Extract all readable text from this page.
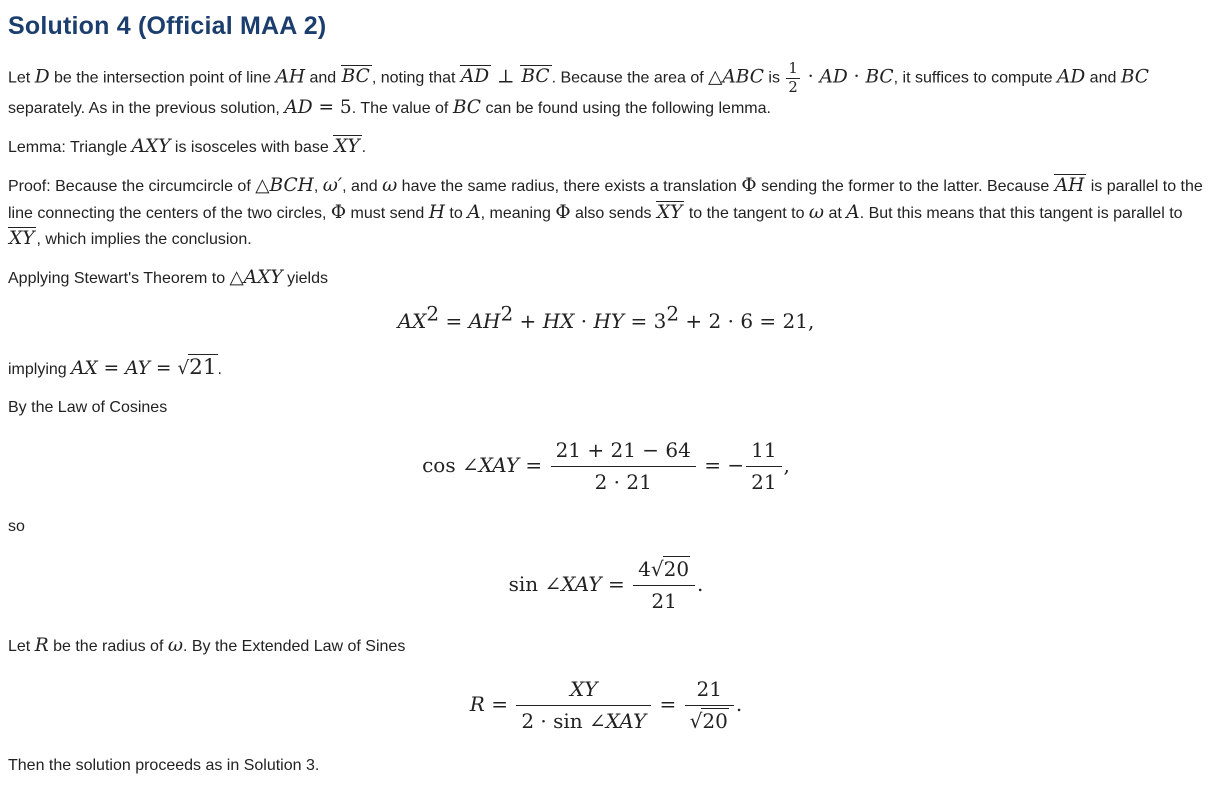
Solution 4 (Official MAA 2)

Let D be the intersection point of line AH and BC , noting that AD ⊥ BC . Because the area of △ABC is $\frac{1}{2}$ · AD · BC, it suffices to compute AD and BC separately. As in the previous solution, AD = 5. The value of BC can be found using the following lemma.

Lemma: Triangle AXY is isosceles with base XY .

Proof: Because the circumcircle of △BCH, ω′, and ω have the same radius, there exists a translation Φ sending the former to the latter. Because AH is parallel to the line connecting the centers of the two circles, Φ must send H to A, meaning Φ also sends XY to the tangent to ω at A. But this means that this tangent is parallel to XY , which implies the conclusion.

Applying Stewart's Theorem to △AXY yields

AX2 = AH2 + HX · HY = 32 + 2 · 6 = 21,

implying AX = AY = √21.

By the Law of Cosines

cos ∠XAY = $\frac{21 + 21 - 64}{2 \cdot 21}$ = − $\frac{11}{21}$ ,

so

sin ∠XAY = $\frac{4√20}{21}$ .

Let R be the radius of ω. By the Extended Law of Sines

$R = \frac{XY}{\text{2 · sin ∠XAY}} = \frac{21}{√20}$ .

Then the solution proceeds as in Solution 3.
